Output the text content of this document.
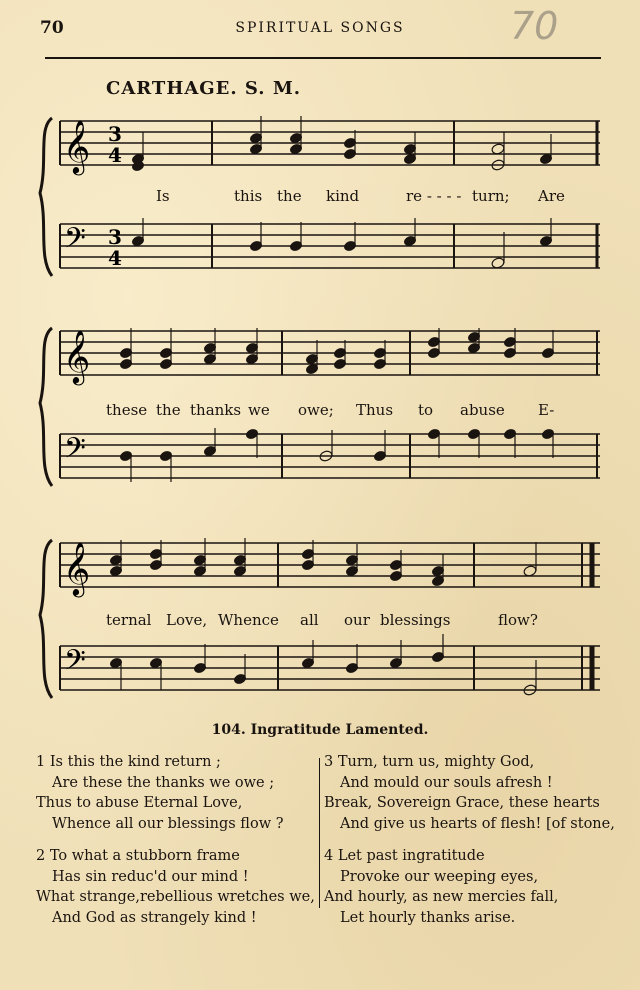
70	SPIRITUAL SONGS	70
CARTHAGE. S. M.
𝄞
𝄢
3
4
3
4
Is	this the kind	re - - - - turn; Are
𝄞
𝄢
these the thanks we owe; Thus to abuse E-
𝄞
𝄢
ternal Love, Whence all our blessings	flow?
104. Ingratitude Lamented.
1 Is this the kind return ;
Are these the thanks we owe ;
Thus to abuse Eternal Love,
Whence all our blessings flow ?
2 To what a stubborn frame
Has sin reduc'd our mind !
What strange,rebellious wretches we,
And God as strangely kind !
3 Turn, turn us, mighty God,
And mould our souls afresh !
Break, Sovereign Grace, these hearts
And give us hearts of flesh! [of stone,
4 Let past ingratitude
Provoke our weeping eyes,
And hourly, as new mercies fall,
Let hourly thanks arise.
